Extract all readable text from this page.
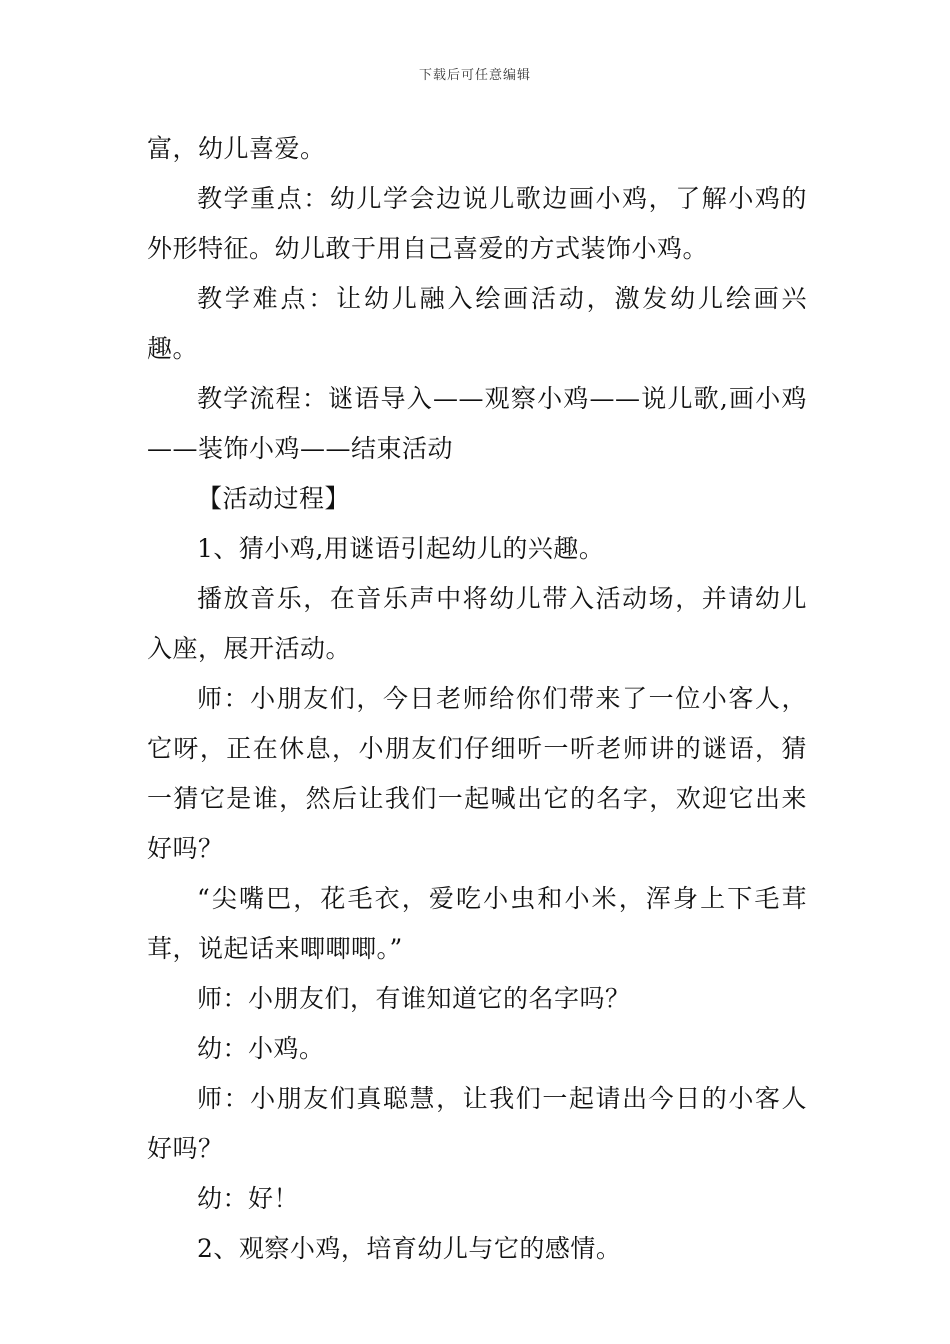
下载后可任意编辑

富，幼儿喜爱。

教学重点：幼儿学会边说儿歌边画小鸡，了解小鸡的外形特征。幼儿敢于用自己喜爱的方式装饰小鸡。

教学难点：让幼儿融入绘画活动，激发幼儿绘画兴趣。

教学流程：谜语导入——观察小鸡——说儿歌,画小鸡——装饰小鸡——结束活动

【活动过程】

1、猜小鸡,用谜语引起幼儿的兴趣。

播放音乐，在音乐声中将幼儿带入活动场，并请幼儿入座，展开活动。

师：小朋友们，今日老师给你们带来了一位小客人，它呀，正在休息，小朋友们仔细听一听老师讲的谜语，猜一猜它是谁，然后让我们一起喊出它的名字，欢迎它出来好吗？

“尖嘴巴，花毛衣，爱吃小虫和小米，浑身上下毛茸茸，说起话来唧唧唧。”

师：小朋友们，有谁知道它的名字吗？

幼：小鸡。

师：小朋友们真聪慧，让我们一起请出今日的小客人好吗？

幼：好！

2、观察小鸡，培育幼儿与它的感情。
